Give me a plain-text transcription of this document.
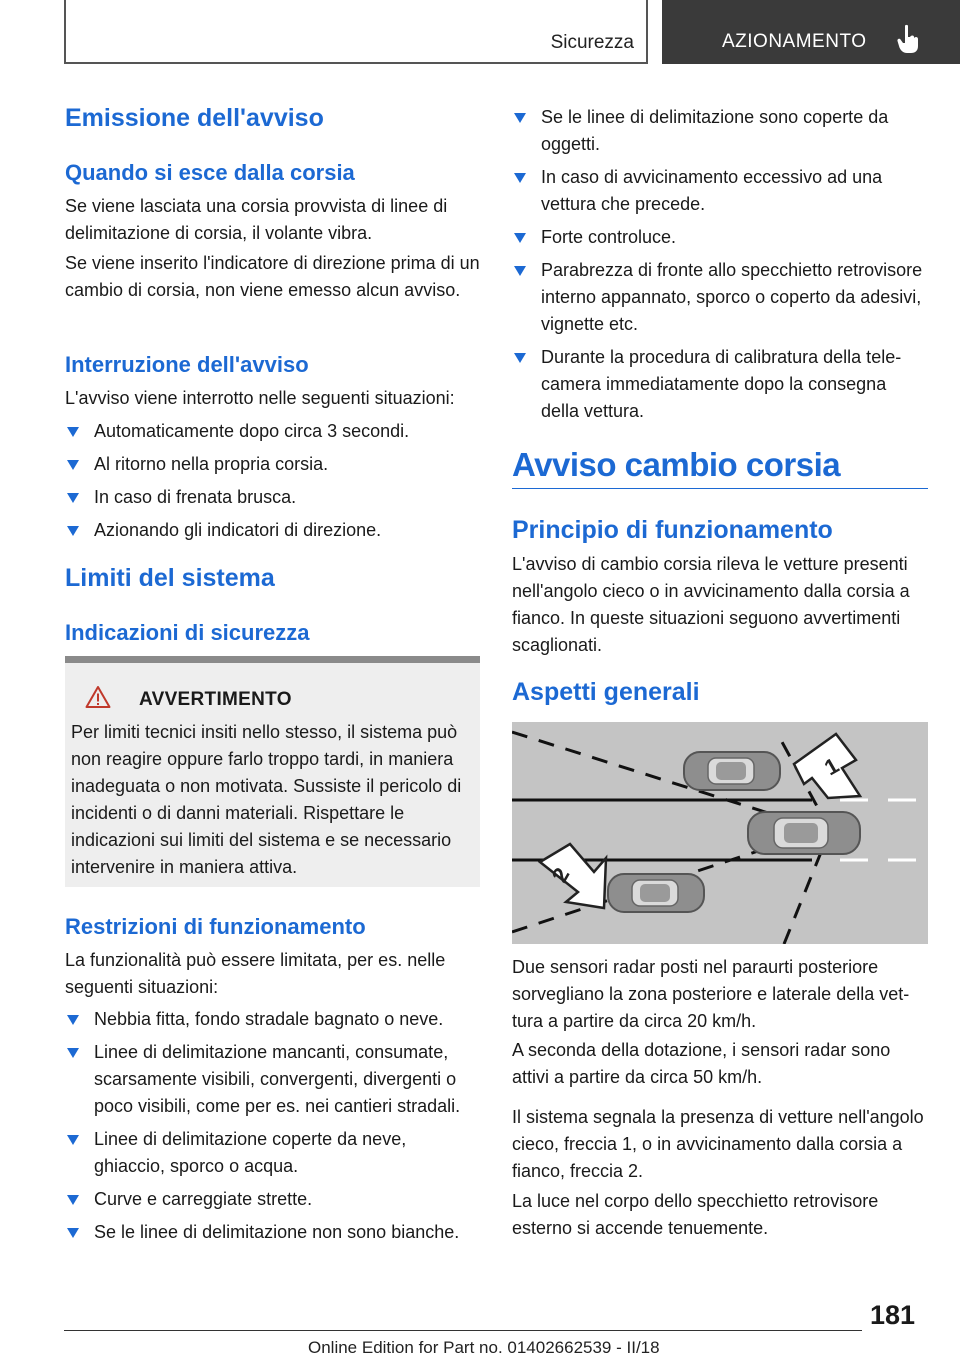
Sicurezza	AZIONAMENTO
Emissione dell'avviso
Quando si esce dalla corsia
Se viene lasciata una corsia provvista di linee di delimitazione di corsia, il volante vibra.
Se viene inserito l'indicatore di direzione prima di un cambio di corsia, non viene emesso alcun avviso.
Interruzione dell'avviso
L'avviso viene interrotto nelle seguenti situazioni:
Automaticamente dopo circa 3 secondi.
Al ritorno nella propria corsia.
In caso di frenata brusca.
Azionando gli indicatori di direzione.
Limiti del sistema
Indicazioni di sicurezza
AVVERTIMENTO
Per limiti tecnici insiti nello stesso, il sistema può non reagire oppure farlo troppo tardi, in maniera inadeguata o non motivata. Sussiste il pericolo di incidenti o di danni materiali. Rispettare le indicazioni sui limiti del sistema e se necessario intervenire in maniera attiva.
Restrizioni di funzionamento
La funzionalità può essere limitata, per es. nelle seguenti situazioni:
Nebbia fitta, fondo stradale bagnato o neve.
Linee di delimitazione mancanti, consumate, scarsamente visibili, convergenti, divergenti o poco visibili, come per es. nei cantieri stradali.
Linee di delimitazione coperte da neve, ghiaccio, sporco o acqua.
Curve e carreggiate strette.
Se le linee di delimitazione non sono bianche.
Se le linee di delimitazione sono coperte da oggetti.
In caso di avvicinamento eccessivo ad una vettura che precede.
Forte controluce.
Parabrezza di fronte allo specchietto retrovisore interno appannato, sporco o coperto da adesivi, vignette etc.
Durante la procedura di calibratura della telecamera immediatamente dopo la consegna della vettura.
Avviso cambio corsia
Principio di funzionamento
L'avviso di cambio corsia rileva le vetture presenti nell'angolo cieco o in avvicinamento dalla corsia a fianco. In queste situazioni seguono avvertimenti scaglionati.
Aspetti generali
1
2
Due sensori radar posti nel paraurti posteriore sorvegliano la zona posteriore e laterale della vettura a partire da circa 20 km/h.
A seconda della dotazione, i sensori radar sono attivi a partire da circa 50 km/h.
Il sistema segnala la presenza di vetture nell'angolo cieco, freccia 1, o in avvicinamento dalla corsia a fianco, freccia 2.
La luce nel corpo dello specchietto retrovisore esterno si accende tenuemente.
181
Online Edition for Part no. 01402662539 - II/18
